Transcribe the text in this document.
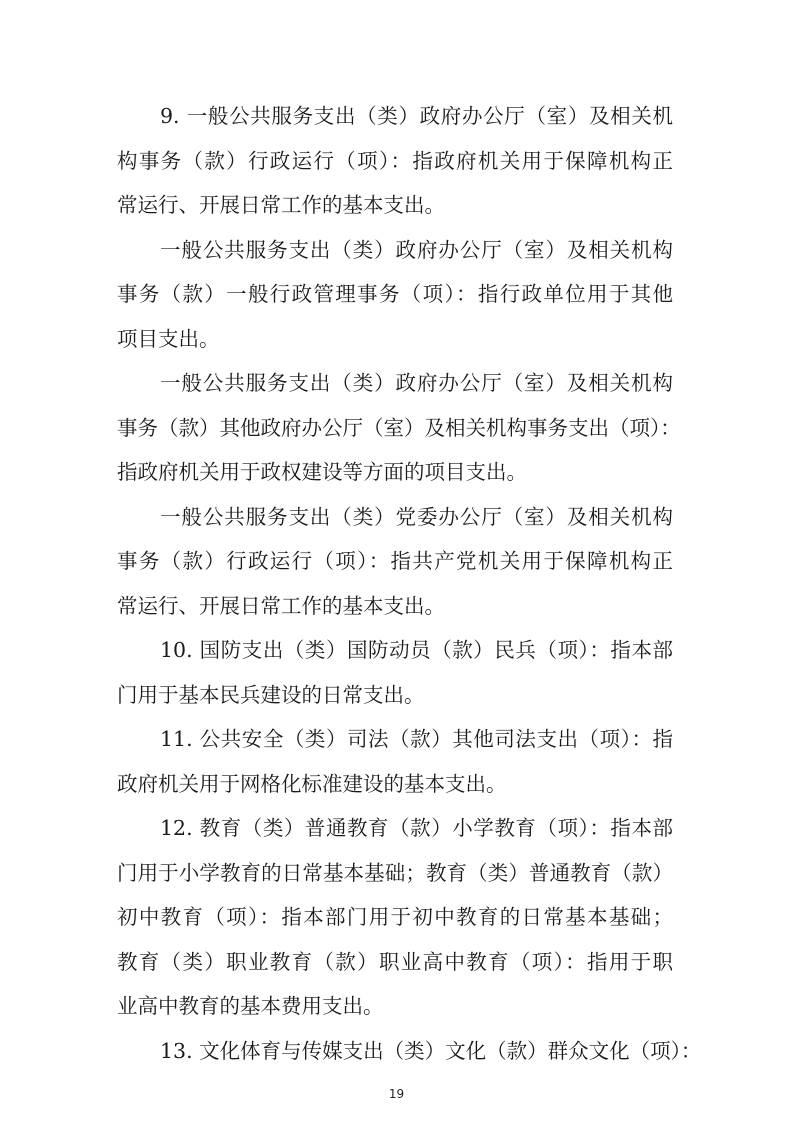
9. 一般公共服务支出（类）政府办公厅（室）及相关机
构事务（款）行政运行（项）：指政府机关用于保障机构正
常运行、开展日常工作的基本支出。
一般公共服务支出（类）政府办公厅（室）及相关机构
事务（款）一般行政管理事务（项）：指行政单位用于其他
项目支出。
一般公共服务支出（类）政府办公厅（室）及相关机构
事务（款）其他政府办公厅（室）及相关机构事务支出（项）：
指政府机关用于政权建设等方面的项目支出。
一般公共服务支出（类）党委办公厅（室）及相关机构
事务（款）行政运行（项）：指共产党机关用于保障机构正
常运行、开展日常工作的基本支出。
10. 国防支出（类）国防动员（款）民兵（项）：指本部
门用于基本民兵建设的日常支出。
11. 公共安全（类）司法（款）其他司法支出（项）：指
政府机关用于网格化标准建设的基本支出。
12. 教育（类）普通教育（款）小学教育（项）：指本部
门用于小学教育的日常基本基础；教育（类）普通教育（款）
初中教育（项）：指本部门用于初中教育的日常基本基础；
教育（类）职业教育（款）职业高中教育（项）：指用于职
业高中教育的基本费用支出。
13. 文化体育与传媒支出（类）文化（款）群众文化（项）：
19
